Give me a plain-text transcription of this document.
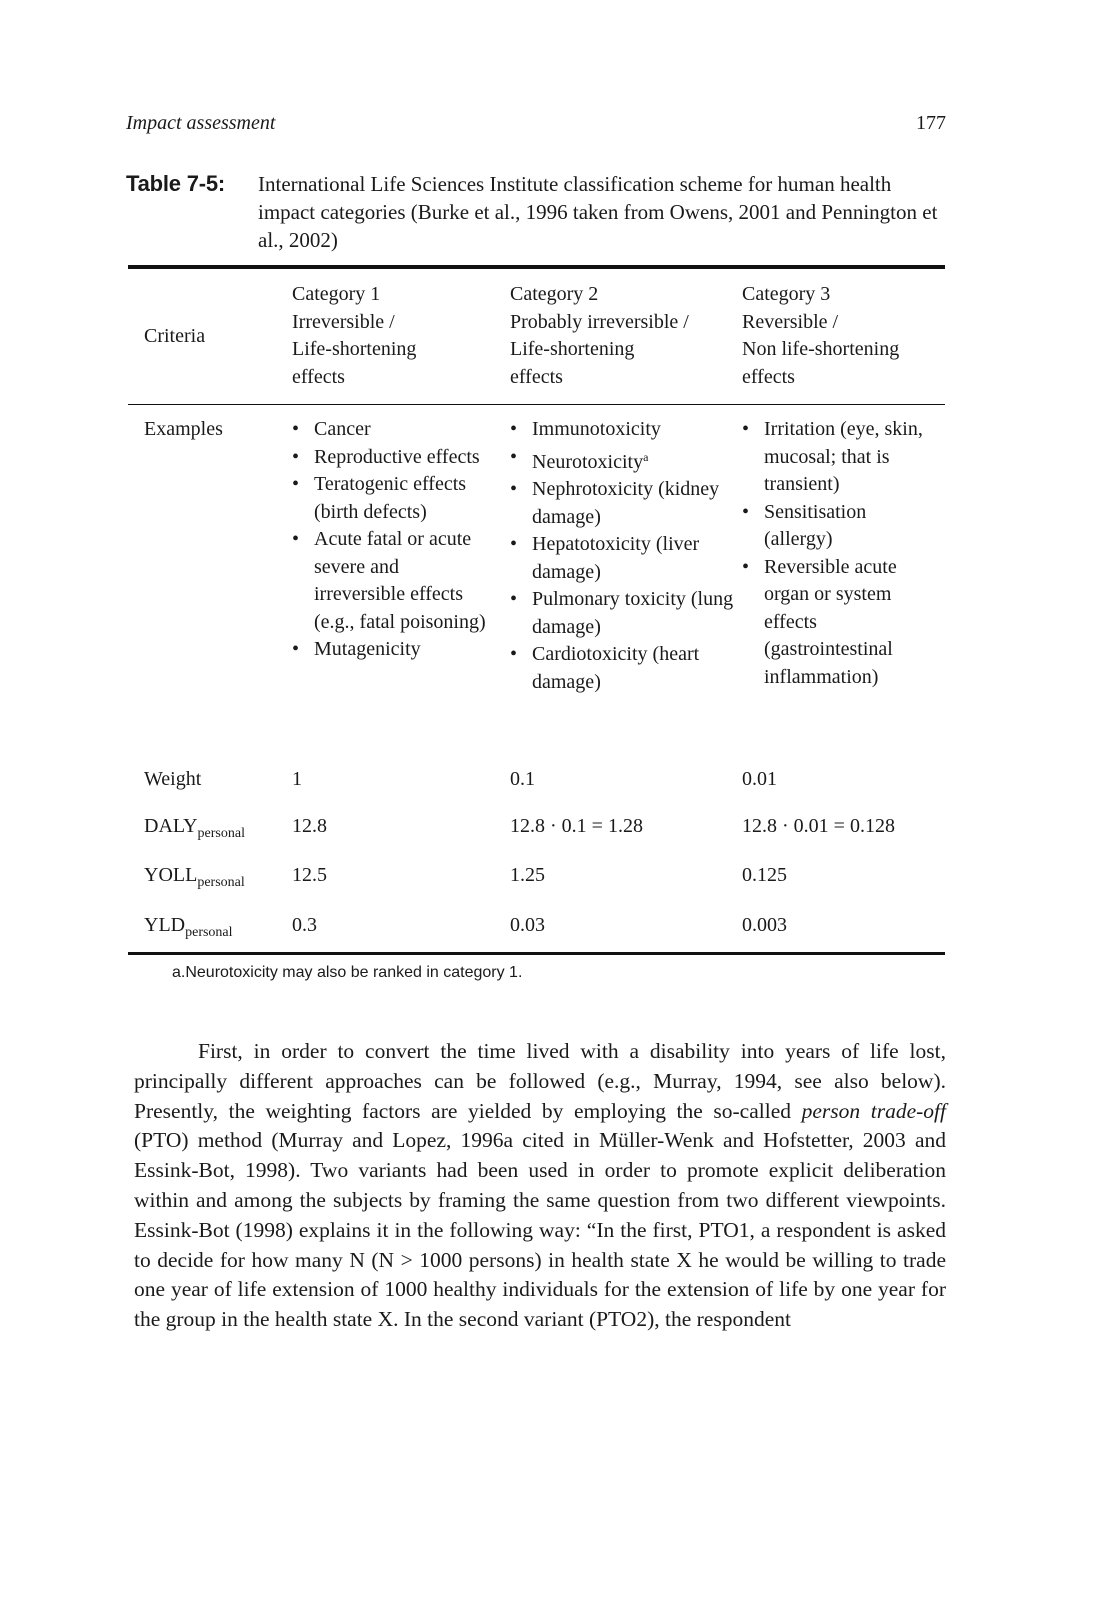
Impact assessment	177
Table 7-5: International Life Sciences Institute classification scheme for human health impact categories (Burke et al., 1996 taken from Owens, 2001 and Pennington et al., 2002)
Criteria
Category 1
Irreversible /
Life-shortening
effects
Category 2
Probably irreversible /
Life-shortening
effects
Category 3
Reversible /
Non life-shortening
effects
Examples
•	Cancer
• Reproductive effects
• Teratogenic effects (birth defects)
• Acute fatal or acute severe and irreversible effects (e.g., fatal poisoning)
• Mutagenicity
• Immunotoxicity
• Neurotoxicity$^a$
• Nephrotoxicity (kidney damage)
• Hepatotoxicity (liver damage)
• Pulmonary toxicity (lung damage)
• Cardiotoxicity (heart damage)
• Irritation (eye, skin, mucosal; that is transient)
• Sensitisation (allergy)
• Reversible acute organ or system effects (gastrointestinal inflammation)
Weight	1	0.1	0.01
$DALY_{personal}$ 12.8	12.8 · 0.1 = 1.28	12.8 · 0.01 = 0.128
$YOLL_{personal}$ 12.5	1.25	0.125
$YLD_{personal}$	0.3	0.03	0.003
a.Neurotoxicity may also be ranked in category 1.

First, in order to convert the time lived with a disability into years of life lost, principally different approaches can be followed (e.g., Murray, 1994, see also below). Presently, the weighting factors are yielded by employing the so-called person trade-off (PTO) method (Murray and Lopez, 1996a cited in Müller-Wenk and Hofstetter, 2003 and Essink-Bot, 1998). Two variants had been used in order to promote explicit deliberation within and among the subjects by framing the same question from two different viewpoints. Essink-Bot (1998) explains it in the following way: “In the first, PTO1, a respondent is asked to decide for how many N (N > 1000 persons) in health state X he would be willing to trade one year of life extension of 1000 healthy individuals for the extension of life by one year for the group in the health state X. In the second variant (PTO2), the respondent
